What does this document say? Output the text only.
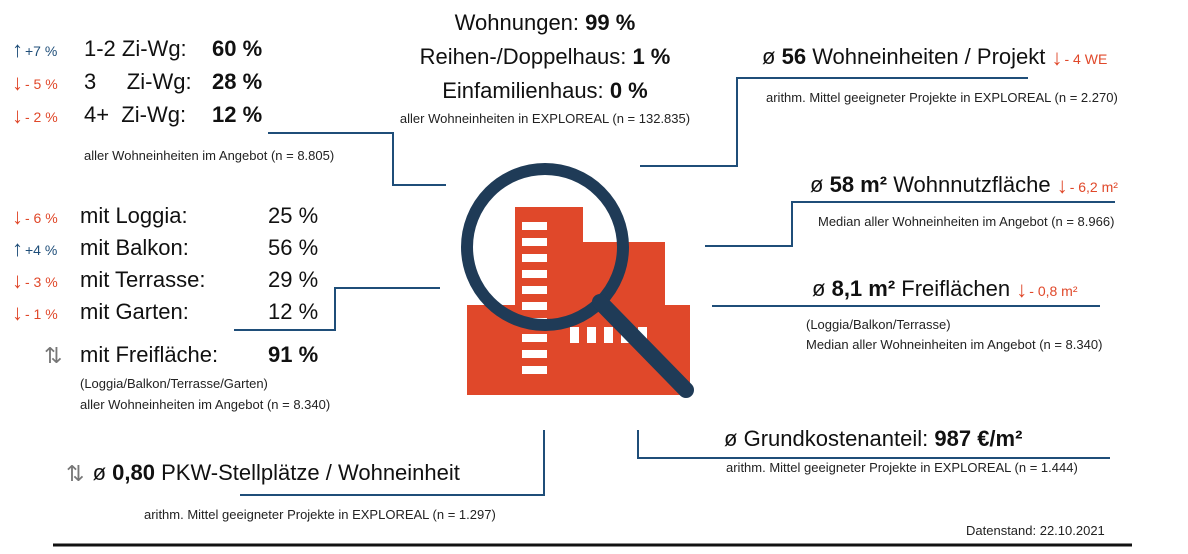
Wohnungen: 99 %
Reihen-/Doppelhaus: 1 %
Einfamilienhaus: 0 %
aller Wohneinheiten in EXPLOREAL (n = 132.835)
↑ +7 % 1-2 Zi-Wg: 60 %
↓ - 5 % 3     Zi-Wg: 28 %
↓ - 2 % 4+  Zi-Wg: 12 %
aller Wohneinheiten im Angebot (n = 8.805)
↓ - 6 % mit Loggia:	25 %
↑ +4 % mit Balkon:	56 %
↓ - 3 % mit Terrasse:	29 %
↓ - 1 % mit Garten:	12 %
⇅ mit Freifläche: 91 %
(Loggia/Balkon/Terrasse/Garten)
aller Wohneinheiten im Angebot (n = 8.340)
⇅ ø 0,80 PKW-Stellplätze / Wohneinheit
arithm. Mittel geeigneter Projekte in EXPLOREAL (n = 1.297)
ø 56 Wohneinheiten / Projekt ↓ - 4 WE
arithm. Mittel geeigneter Projekte in EXPLOREAL (n = 2.270)
ø 58 m² Wohnnutzfläche ↓ - 6,2 m²
Median aller Wohneinheiten im Angebot (n = 8.966)
ø 8,1 m² Freiflächen ↓ - 0,8 m²
(Loggia/Balkon/Terrasse)
Median aller Wohneinheiten im Angebot (n = 8.340)
ø Grundkostenanteil: 987 €/m²
arithm. Mittel geeigneter Projekte in EXPLOREAL (n = 1.444)
Datenstand: 22.10.2021
